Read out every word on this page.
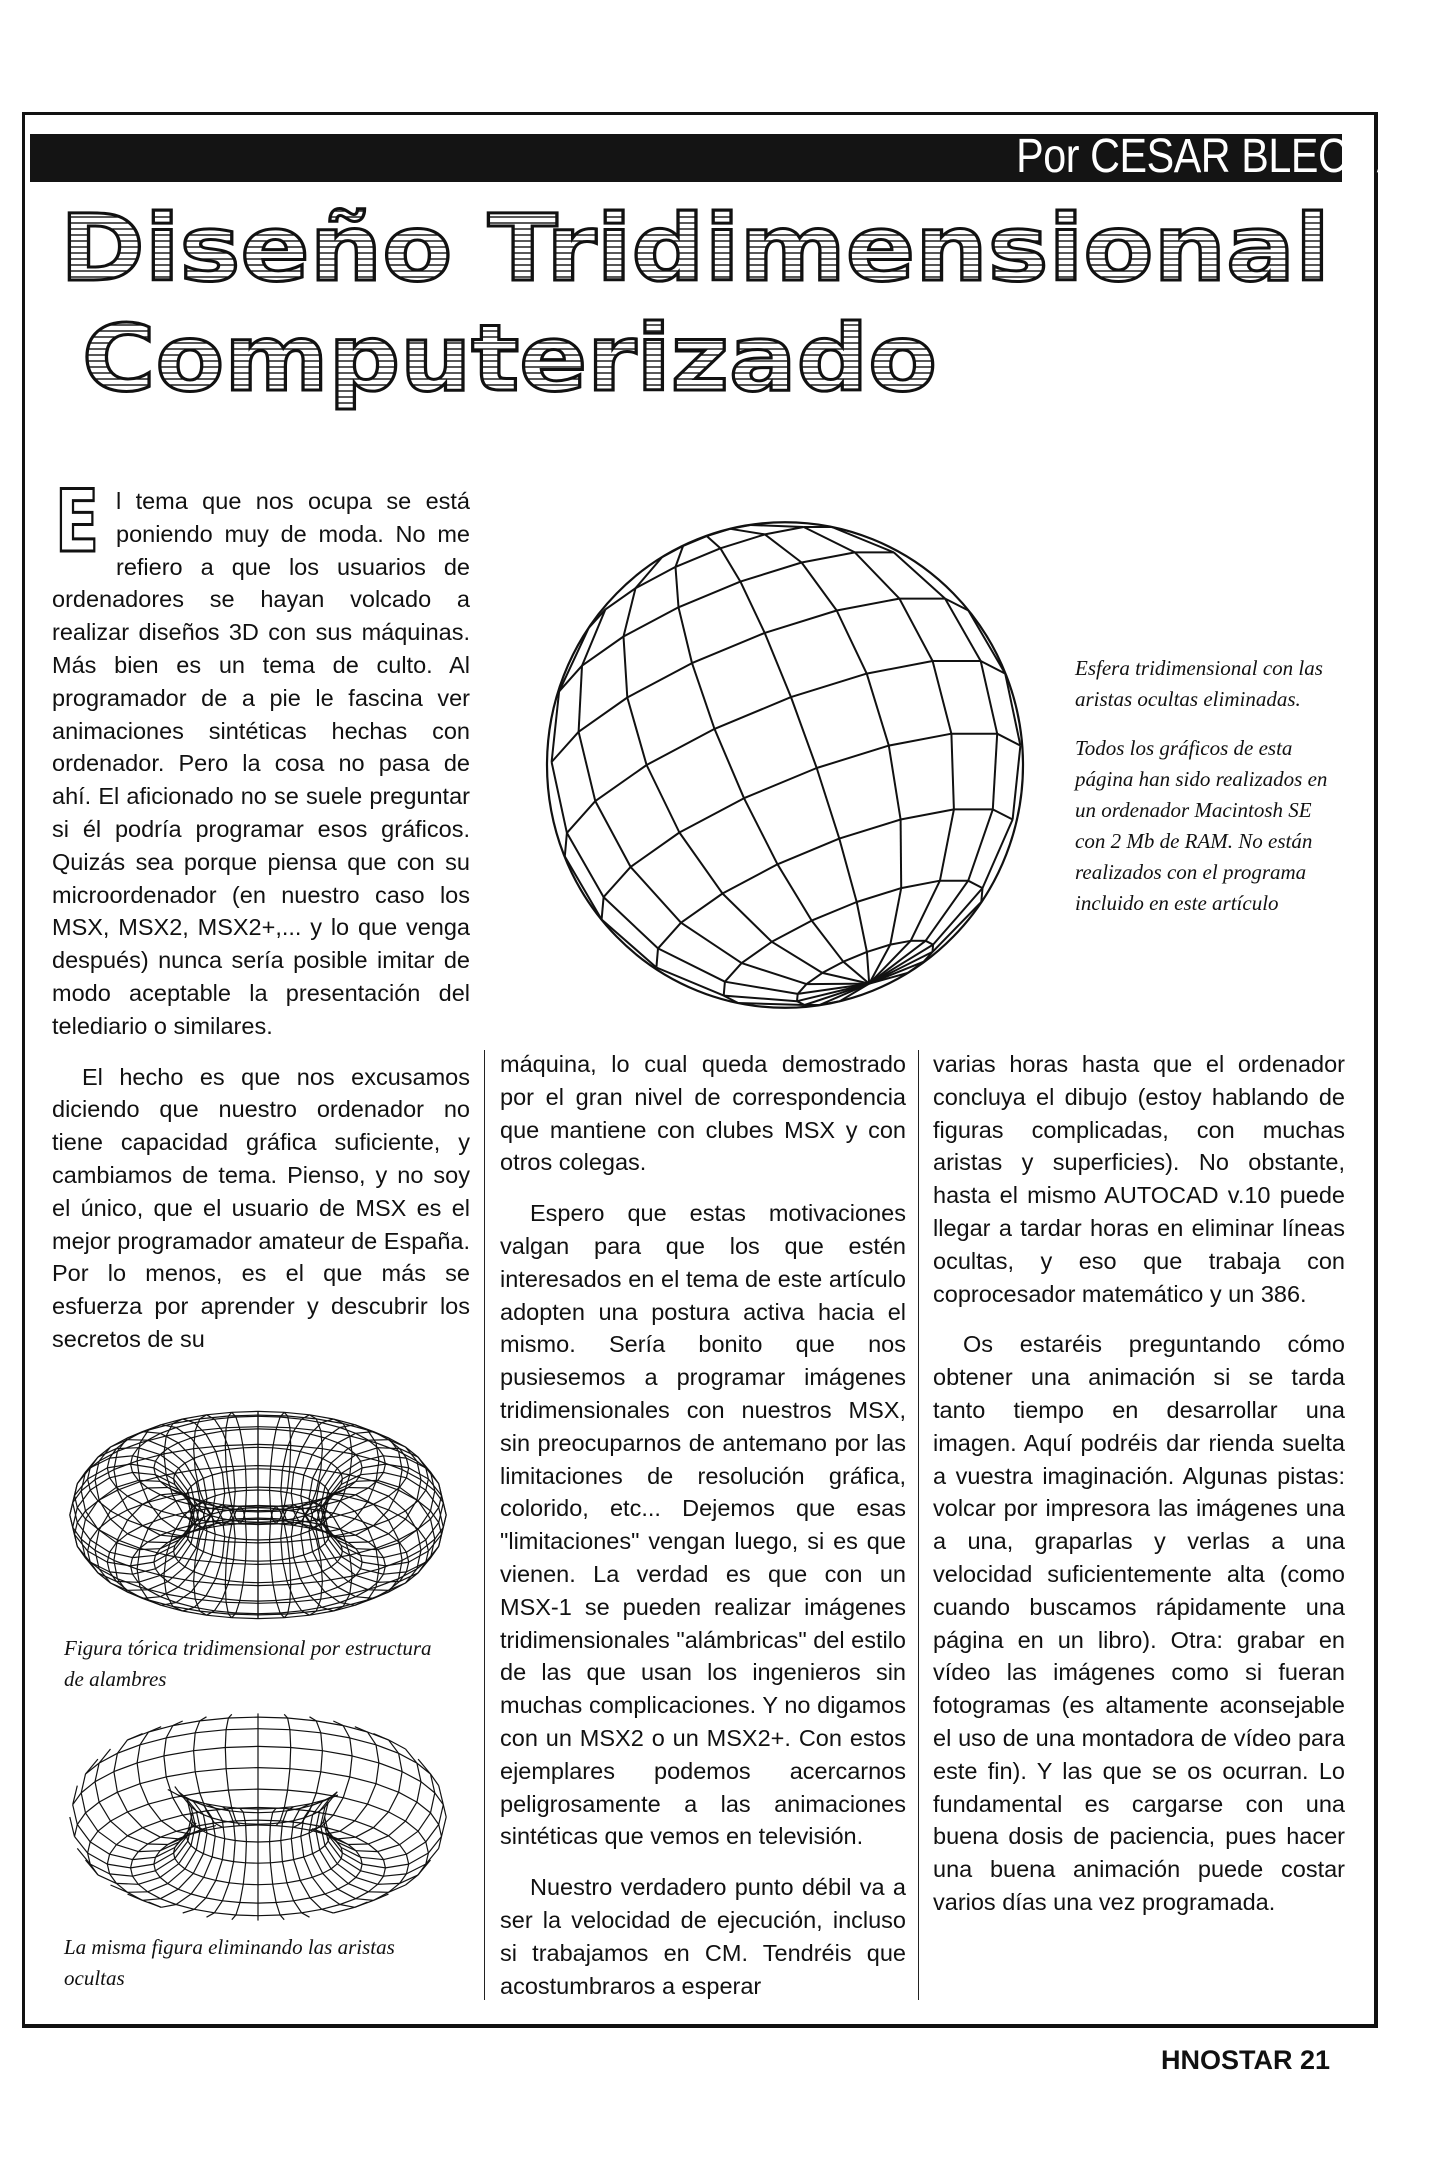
Por CESAR BLECUA
Diseño Tridimensional
Computerizado

Esfera tridimensional con las aristas ocultas eliminadas.

Todos los gráficos de esta página han sido realizados en un ordenador Macintosh SE con 2 Mb de RAM. No están realizados con el programa incluido en este artículo

E l tema que nos ocupa se está poniendo muy de moda. No me refiero a que los usuarios de ordenadores se hayan volcado a realizar diseños 3D con sus máquinas. Más bien es un tema de culto. Al programador de a pie le fascina ver animaciones sintéticas hechas con ordenador. Pero la cosa no pasa de ahí. El aficionado no se suele preguntar si él podría programar esos gráficos. Quizás sea porque piensa que con su microordenador (en nuestro caso los MSX, MSX2, MSX2+,... y lo que venga después) nunca sería posible imitar de modo aceptable la presentación del telediario o similares.

El hecho es que nos excusamos diciendo que nuestro ordenador no tiene capacidad gráfica suficiente, y cambiamos de tema. Pienso, y no soy el único, que el usuario de MSX es el mejor programador amateur de España. Por lo menos, es el que más se esfuerza por aprender y descubrir los secretos de su

Figura tórica tridimensional por estructura de alambres
La misma figura eliminando las aristas ocultas

máquina, lo cual queda demostrado por el gran nivel de correspondencia que mantiene con clubes MSX y con otros colegas.

Espero que estas motivaciones valgan para que los que estén interesados en el tema de este artículo adopten una postura activa hacia el mismo. Sería bonito que nos pusiesemos a programar imágenes tridimensionales con nuestros MSX, sin preocuparnos de antemano por las limitaciones de resolución gráfica, colorido, etc... Dejemos que esas "limitaciones" vengan luego, si es que vienen. La verdad es que con un MSX-1 se pueden realizar imágenes tridimensionales "alámbricas" del estilo de las que usan los ingenieros sin muchas complicaciones. Y no digamos con un MSX2 o un MSX2+. Con estos ejemplares podemos acercarnos peligrosamente a las animaciones sintéticas que vemos en televisión.

Nuestro verdadero punto débil va a ser la velocidad de ejecución, incluso si trabajamos en CM. Tendréis que acostumbraros a esperar

varias horas hasta que el ordenador concluya el dibujo (estoy hablando de figuras complicadas, con muchas aristas y superficies). No obstante, hasta el mismo AUTOCAD v.10 puede llegar a tardar horas en eliminar líneas ocultas, y eso que trabaja con coprocesador matemático y un 386.

Os estaréis preguntando cómo obtener una animación si se tarda tanto tiempo en desarrollar una imagen. Aquí podréis dar rienda suelta a vuestra imaginación. Algunas pistas: volcar por impresora las imágenes una a una, graparlas y verlas a una velocidad suficientemente alta (como cuando buscamos rápidamente una página en un libro). Otra: grabar en vídeo las imágenes como si fueran fotogramas (es altamente aconsejable el uso de una montadora de vídeo para este fin). Y las que se os ocurran. Lo fundamental es cargarse con una buena dosis de paciencia, pues hacer una buena animación puede costar varios días una vez programada.

HNOSTAR 21
